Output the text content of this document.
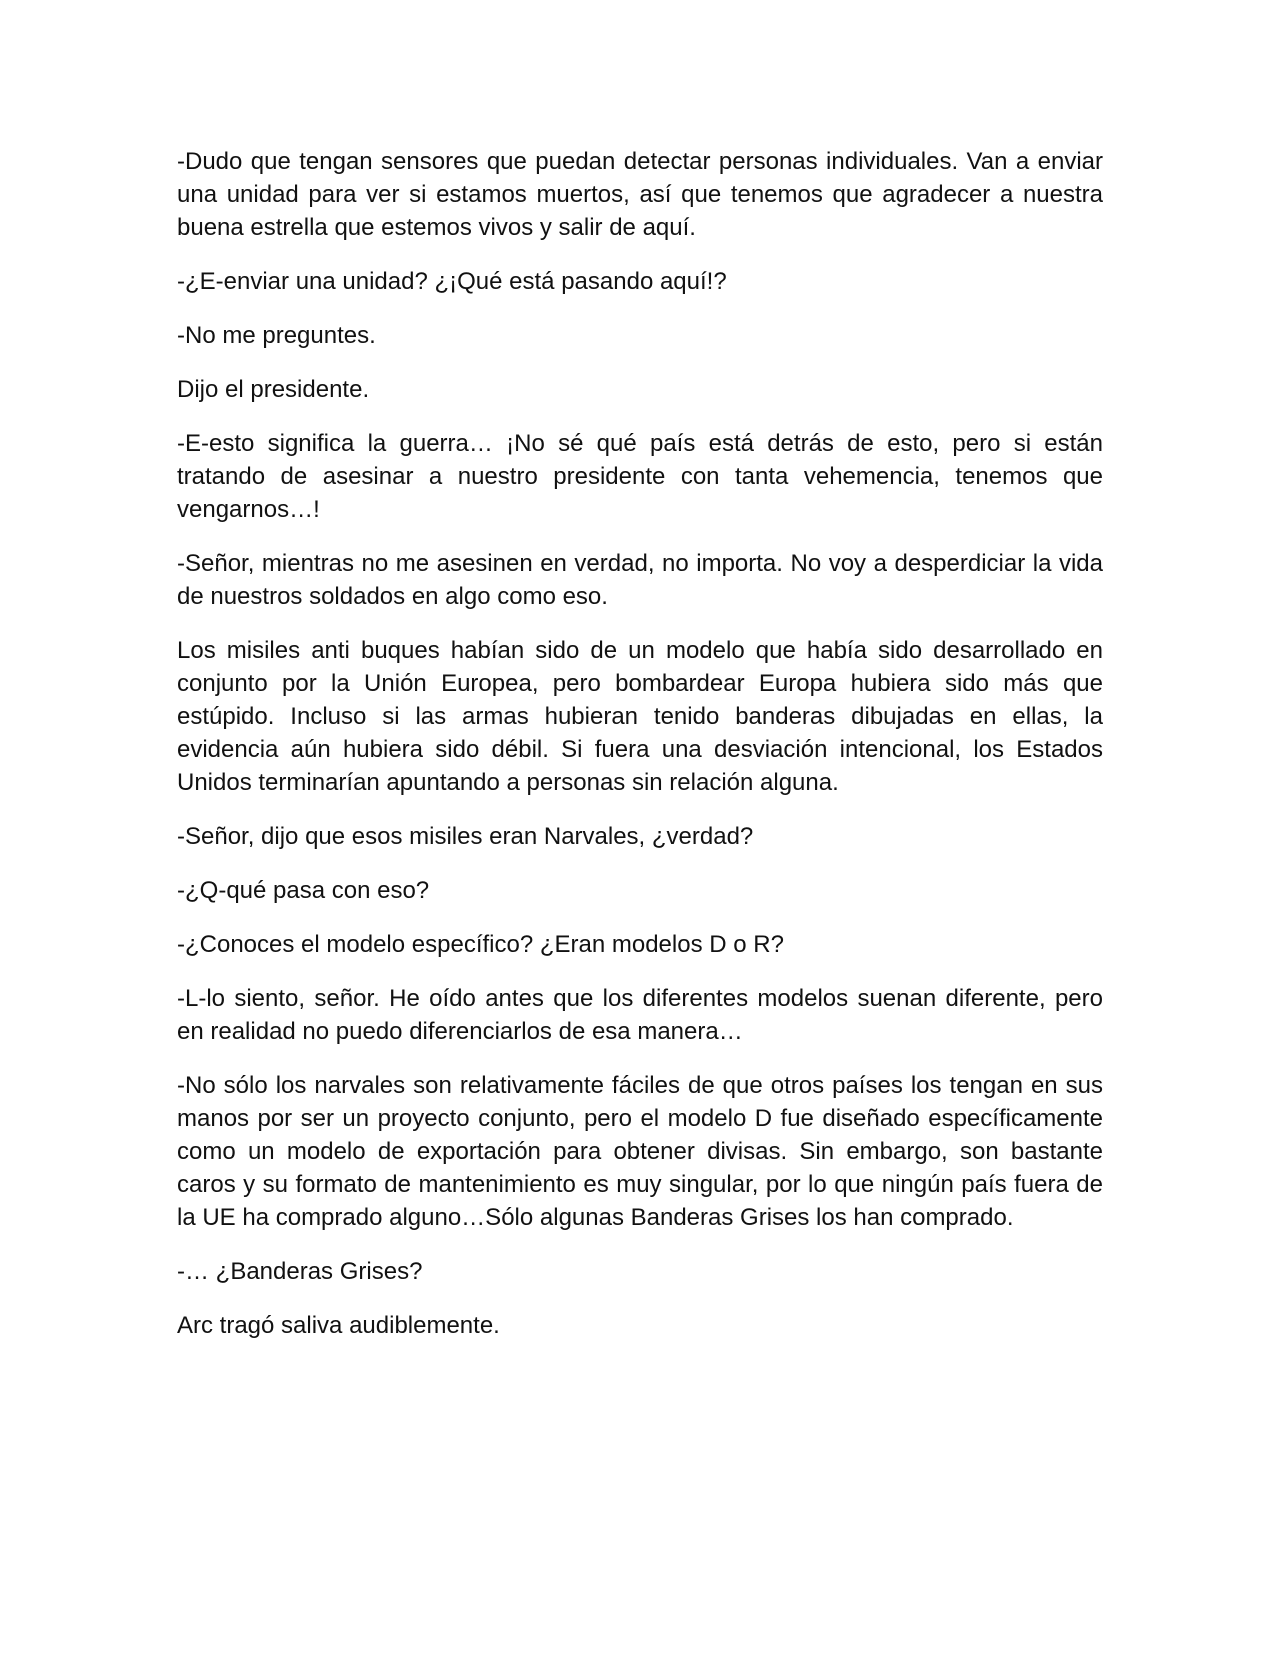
-Dudo que tengan sensores que puedan detectar personas individuales. Van a enviar una unidad para ver si estamos muertos, así que tenemos que agradecer a nuestra buena estrella que estemos vivos y salir de aquí.

-¿E-enviar una unidad? ¿¡Qué está pasando aquí!?

-No me preguntes.

Dijo el presidente.

-E-esto significa la guerra… ¡No sé qué país está detrás de esto, pero si están tratando de asesinar a nuestro presidente con tanta vehemencia, tenemos que vengarnos…!

-Señor, mientras no me asesinen en verdad, no importa. No voy a desperdiciar la vida de nuestros soldados en algo como eso.

Los misiles anti buques habían sido de un modelo que había sido desarrollado en conjunto por la Unión Europea, pero bombardear Europa hubiera sido más que estúpido. Incluso si las armas hubieran tenido banderas dibujadas en ellas, la evidencia aún hubiera sido débil. Si fuera una desviación intencional, los Estados Unidos terminarían apuntando a personas sin relación alguna.

-Señor, dijo que esos misiles eran Narvales, ¿verdad?

-¿Q-qué pasa con eso?

-¿Conoces el modelo específico? ¿Eran modelos D o R?

-L-lo siento, señor. He oído antes que los diferentes modelos suenan diferente, pero en realidad no puedo diferenciarlos de esa manera…

-No sólo los narvales son relativamente fáciles de que otros países los tengan en sus manos por ser un proyecto conjunto, pero el modelo D fue diseñado específicamente como un modelo de exportación para obtener divisas. Sin embargo, son bastante caros y su formato de mantenimiento es muy singular, por lo que ningún país fuera de la UE ha comprado alguno…Sólo algunas Banderas Grises los han comprado.

-… ¿Banderas Grises?

Arc tragó saliva audiblemente.
